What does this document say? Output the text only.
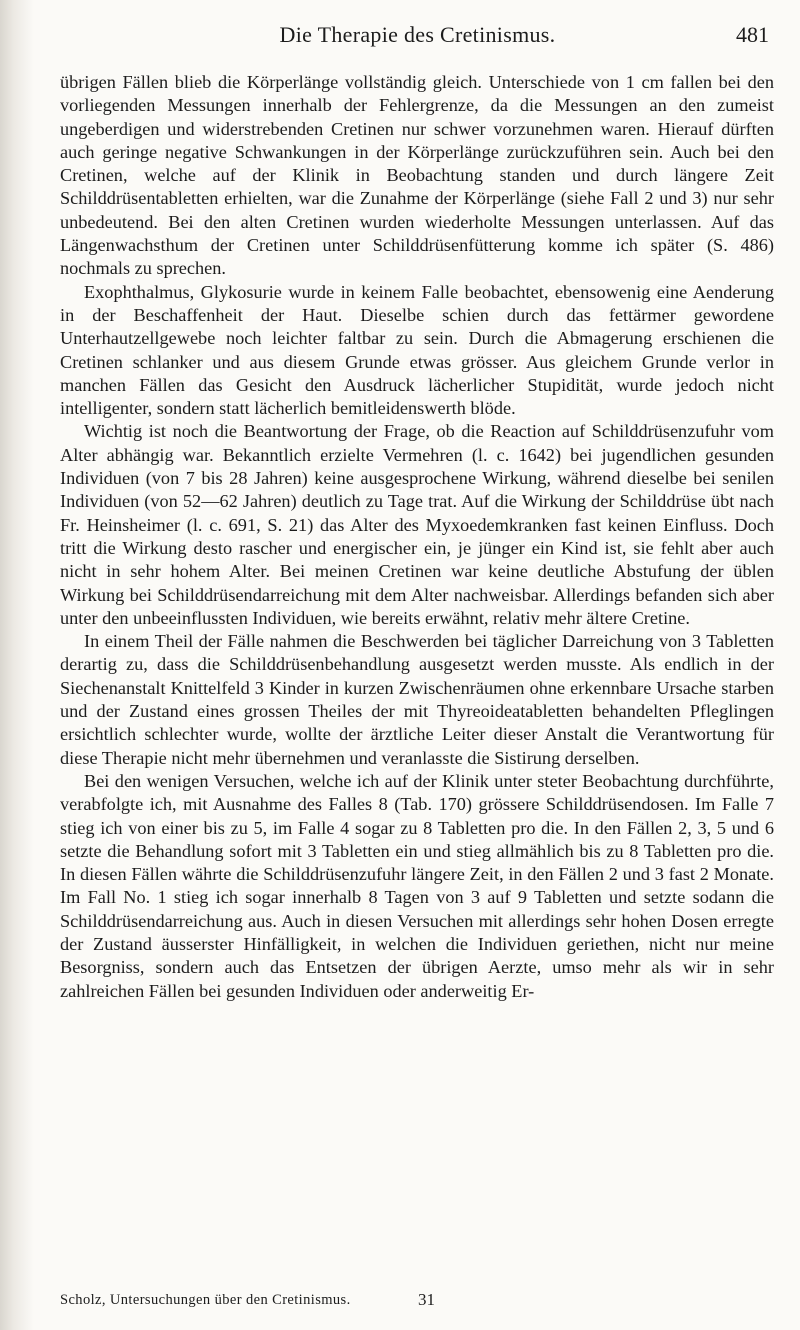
Die Therapie des Cretinismus.	481

übrigen Fällen blieb die Körperlänge vollständig gleich. Unterschiede von 1 cm fallen bei den vorliegenden Messungen innerhalb der Fehlergrenze, da die Messungen an den zumeist ungeberdigen und widerstrebenden Cretinen nur schwer vorzunehmen waren. Hierauf dürften auch geringe negative Schwankungen in der Körperlänge zurückzuführen sein. Auch bei den Cretinen, welche auf der Klinik in Beobachtung standen und durch längere Zeit Schilddrüsentabletten erhielten, war die Zunahme der Körperlänge (siehe Fall 2 und 3) nur sehr unbedeutend. Bei den alten Cretinen wurden wiederholte Messungen unterlassen. Auf das Längenwachsthum der Cretinen unter Schilddrüsenfütterung komme ich später (S. 486) nochmals zu sprechen.

Exophthalmus, Glykosurie wurde in keinem Falle beobachtet, ebensowenig eine Aenderung in der Beschaffenheit der Haut. Dieselbe schien durch das fettärmer gewordene Unterhautzellgewebe noch leichter faltbar zu sein. Durch die Abmagerung erschienen die Cretinen schlanker und aus diesem Grunde etwas grösser. Aus gleichem Grunde verlor in manchen Fällen das Gesicht den Ausdruck lächerlicher Stupidität, wurde jedoch nicht intelligenter, sondern statt lächerlich bemitleidenswerth blöde.

Wichtig ist noch die Beantwortung der Frage, ob die Reaction auf Schilddrüsenzufuhr vom Alter abhängig war. Bekanntlich erzielte Vermehren (l. c. 1642) bei jugendlichen gesunden Individuen (von 7 bis 28 Jahren) keine ausgesprochene Wirkung, während dieselbe bei senilen Individuen (von 52—62 Jahren) deutlich zu Tage trat. Auf die Wirkung der Schilddrüse übt nach Fr. Heinsheimer (l. c. 691, S. 21) das Alter des Myxoedemkranken fast keinen Einfluss. Doch tritt die Wirkung desto rascher und energischer ein, je jünger ein Kind ist, sie fehlt aber auch nicht in sehr hohem Alter. Bei meinen Cretinen war keine deutliche Abstufung der üblen Wirkung bei Schilddrüsendarreichung mit dem Alter nachweisbar. Allerdings befanden sich aber unter den unbeeinflussten Individuen, wie bereits erwähnt, relativ mehr ältere Cretine.

In einem Theil der Fälle nahmen die Beschwerden bei täglicher Darreichung von 3 Tabletten derartig zu, dass die Schilddrüsenbehandlung ausgesetzt werden musste. Als endlich in der Siechenanstalt Knittelfeld 3 Kinder in kurzen Zwischenräumen ohne erkennbare Ursache starben und der Zustand eines grossen Theiles der mit Thyreoideatabletten behandelten Pfleglingen ersichtlich schlechter wurde, wollte der ärztliche Leiter dieser Anstalt die Verantwortung für diese Therapie nicht mehr übernehmen und veranlasste die Sistirung derselben.

Bei den wenigen Versuchen, welche ich auf der Klinik unter steter Beobachtung durchführte, verabfolgte ich, mit Ausnahme des Falles 8 (Tab. 170) grössere Schilddrüsendosen. Im Falle 7 stieg ich von einer bis zu 5, im Falle 4 sogar zu 8 Tabletten pro die. In den Fällen 2, 3, 5 und 6 setzte die Behandlung sofort mit 3 Tabletten ein und stieg allmählich bis zu 8 Tabletten pro die. In diesen Fällen währte die Schilddrüsenzufuhr längere Zeit, in den Fällen 2 und 3 fast 2 Monate. Im Fall No. 1 stieg ich sogar innerhalb 8 Tagen von 3 auf 9 Tabletten und setzte sodann die Schilddrüsendarreichung aus. Auch in diesen Versuchen mit allerdings sehr hohen Dosen erregte der Zustand äusserster Hinfälligkeit, in welchen die Individuen geriethen, nicht nur meine Besorgniss, sondern auch das Entsetzen der übrigen Aerzte, umso mehr als wir in sehr zahlreichen Fällen bei gesunden Individuen oder anderweitig Er-

Scholz, Untersuchungen über den Cretinismus.	31
